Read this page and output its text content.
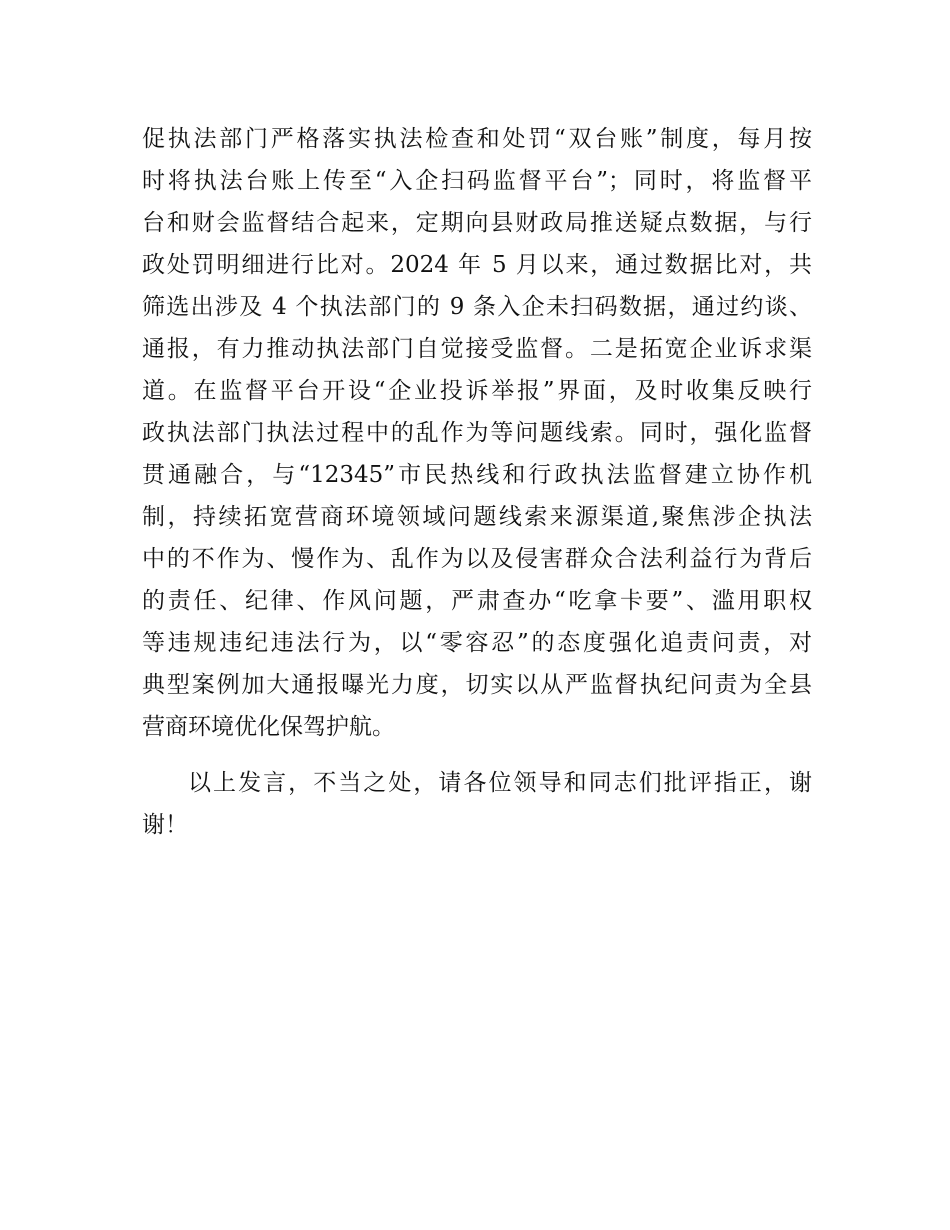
促执法部门严格落实执法检查和处罚“双台账”制度，每月按
时将执法台账上传至“入企扫码监督平台”；同时，将监督平
台和财会监督结合起来，定期向县财政局推送疑点数据，与行
政处罚明细进行比对。2024 年 5 月以来，通过数据比对，共
筛选出涉及 4 个执法部门的 9 条入企未扫码数据，通过约谈、
通报，有力推动执法部门自觉接受监督。二是拓宽企业诉求渠
道。在监督平台开设“企业投诉举报”界面，及时收集反映行
政执法部门执法过程中的乱作为等问题线索。同时，强化监督
贯通融合，与“12345”市民热线和行政执法监督建立协作机
制，持续拓宽营商环境领域问题线索来源渠道,聚焦涉企执法
中的不作为、慢作为、乱作为以及侵害群众合法利益行为背后
的责任、纪律、作风问题，严肃查办“吃拿卡要”、滥用职权
等违规违纪违法行为，以“零容忍”的态度强化追责问责，对
典型案例加大通报曝光力度，切实以从严监督执纪问责为全县
营商环境优化保驾护航。
以上发言，不当之处，请各位领导和同志们批评指正，谢
谢！
